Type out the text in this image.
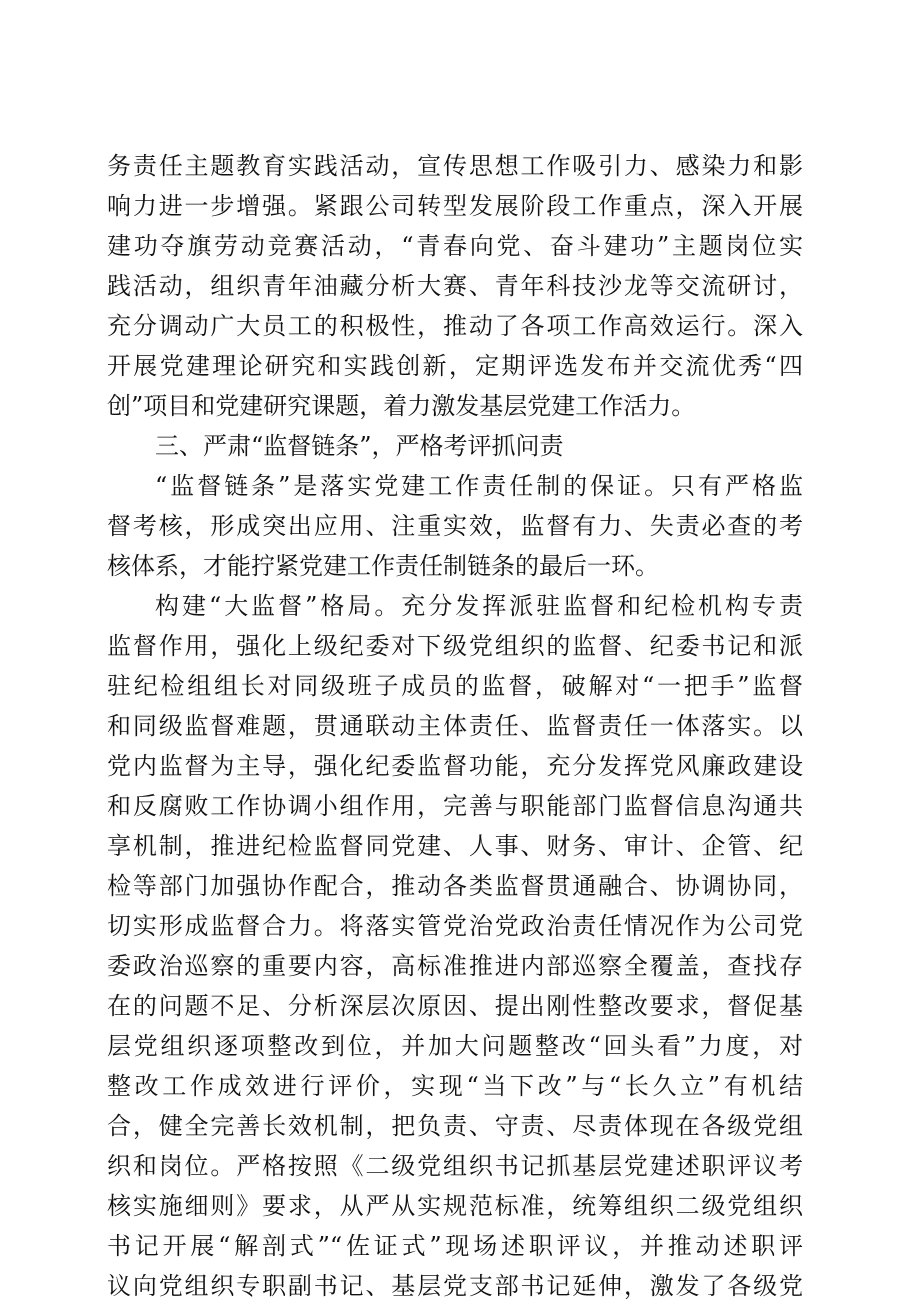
务责任主题教育实践活动，宣传思想工作吸引力、感染力和影
响力进一步增强。紧跟公司转型发展阶段工作重点，深入开展
建功夺旗劳动竞赛活动，“青春向党、奋斗建功”主题岗位实
践活动，组织青年油藏分析大赛、青年科技沙龙等交流研讨，
充分调动广大员工的积极性，推动了各项工作高效运行。深入
开展党建理论研究和实践创新，定期评选发布并交流优秀“四
创”项目和党建研究课题，着力激发基层党建工作活力。
三、严肃“监督链条”，严格考评抓问责
“监督链条”是落实党建工作责任制的保证。只有严格监
督考核，形成突出应用、注重实效，监督有力、失责必查的考
核体系，才能拧紧党建工作责任制链条的最后一环。
构建“大监督”格局。充分发挥派驻监督和纪检机构专责
监督作用，强化上级纪委对下级党组织的监督、纪委书记和派
驻纪检组组长对同级班子成员的监督，破解对“一把手”监督
和同级监督难题，贯通联动主体责任、监督责任一体落实。以
党内监督为主导，强化纪委监督功能，充分发挥党风廉政建设
和反腐败工作协调小组作用，完善与职能部门监督信息沟通共
享机制，推进纪检监督同党建、人事、财务、审计、企管、纪
检等部门加强协作配合，推动各类监督贯通融合、协调协同，
切实形成监督合力。将落实管党治党政治责任情况作为公司党
委政治巡察的重要内容，高标准推进内部巡察全覆盖，查找存
在的问题不足、分析深层次原因、提出刚性整改要求，督促基
层党组织逐项整改到位，并加大问题整改“回头看”力度，对
整改工作成效进行评价，实现“当下改”与“长久立”有机结
合，健全完善长效机制，把负责、守责、尽责体现在各级党组
织和岗位。严格按照《二级党组织书记抓基层党建述职评议考
核实施细则》要求，从严从实规范标准，统筹组织二级党组织
书记开展“解剖式”“佐证式”现场述职评议，并推动述职评
议向党组织专职副书记、基层党支部书记延伸，激发了各级党
